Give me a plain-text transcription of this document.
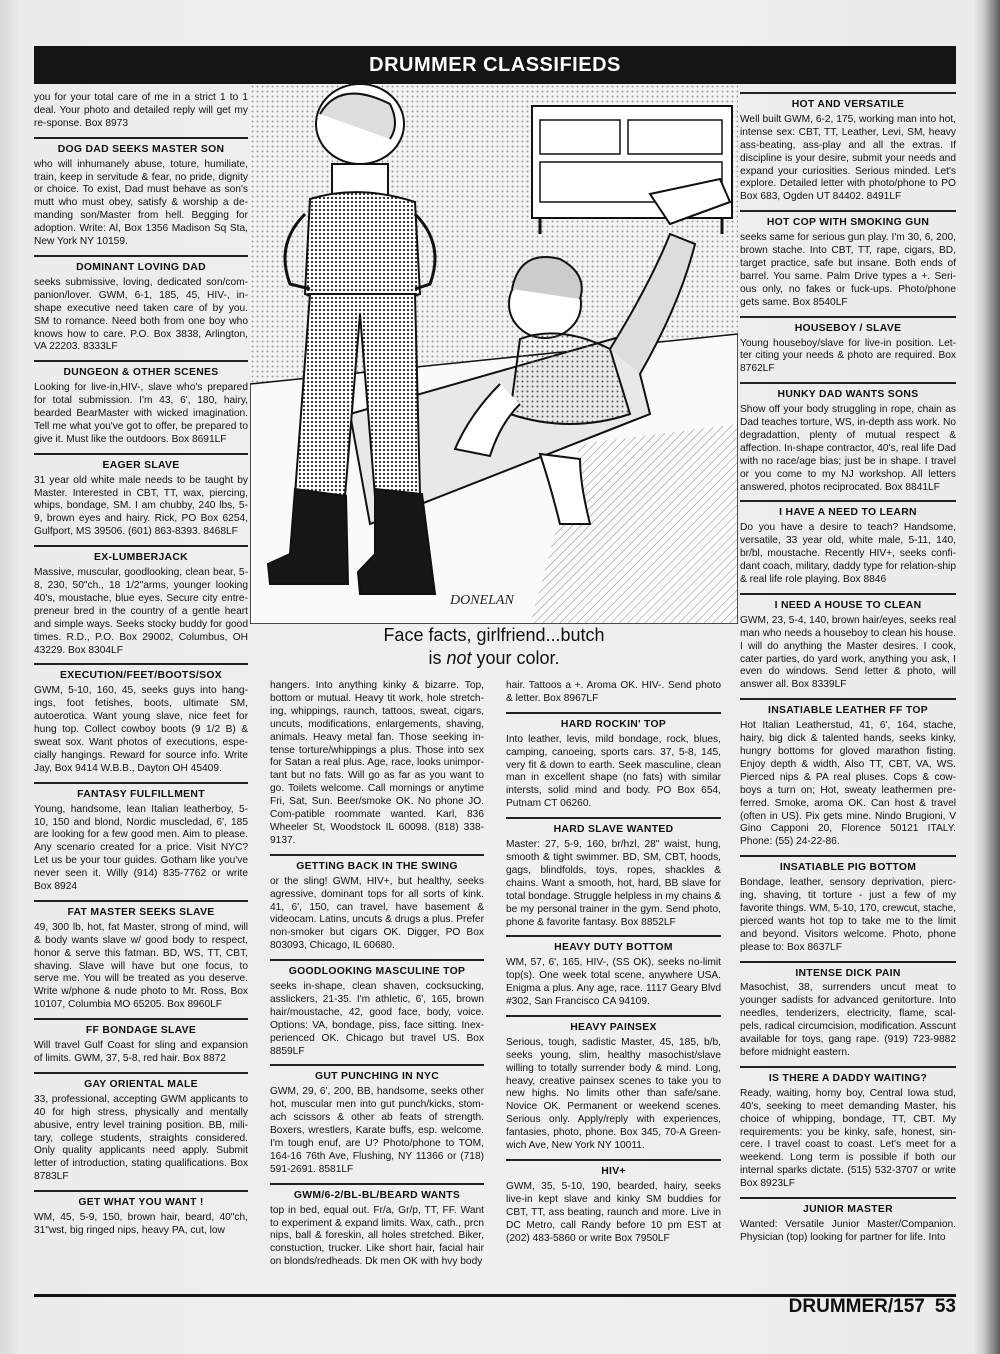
DRUMMER CLASSIFIEDS

you for your total care of me in a strict 1 to 1 deal. Your photo and detailed reply will get my re-sponse. Box 8973

DOG DAD SEEKS MASTER SON

who will inhumanely abuse, toture, humiliate, train, keep in servitude & fear, no pride, dignity or choice. To exist, Dad must behave as son's mutt who must obey, satisfy & worship a de-manding son/Master from hell. Begging for adoption. Write: Al, Box 1356 Madison Sq Sta, New York NY 10159.

DOMINANT LOVING DAD

seeks submissive, loving, dedicated son/com-panion/lover. GWM, 6-1, 185, 45, HIV-, in-shape executive need taken care of by you. SM to romance. Need both from one boy who knows how to care. P.O. Box 3838, Arlington, VA 22203. 8333LF

DUNGEON & OTHER SCENES

Looking for live-in,HIV-, slave who's prepared for total submission. I'm 43, 6', 180, hairy, bearded BearMaster with wicked imagination. Tell me what you've got to offer, be prepared to give it. Must like the outdoors. Box 8691LF

EAGER SLAVE

31 year old white male needs to be taught by Master. Interested in CBT, TT, wax, piercing, whips, bondage, SM. I am chubby, 240 lbs, 5-9, brown eyes and hairy. Rick, PO Box 6254, Gulfport, MS 39506. (601) 863-8393. 8468LF

EX-LUMBERJACK

Massive, muscular, goodlooking, clean bear, 5-8, 230, 50"ch., 18 1/2"arms, younger looking 40's, moustache, blue eyes. Secure city entre-preneur bred in the country of a gentle heart and simple ways. Seeks stocky buddy for good times. R.D., P.O. Box 29002, Columbus, OH 43229. Box 8304LF

EXECUTION/FEET/BOOTS/SOX

GWM, 5-10, 160, 45, seeks guys into hang-ings, foot fetishes, boots, ultimate SM, autoerotica. Want young slave, nice feet for hung top. Collect cowboy boots (9 1/2 B) & sweat sox. Want photos of executions, espe-cially hangings. Reward for source info. Write Jay, Box 9414 W.B.B., Dayton OH 45409.

FANTASY FULFILLMENT

Young, handsome, lean Italian leatherboy, 5-10, 150 and blond, Nordic muscledad, 6', 185 are looking for a few good men. Aim to please. Any scenario created for a price. Visit NYC? Let us be your tour guides. Gotham like you've never seen it. Willy (914) 835-7762 or write Box 8924

FAT MASTER SEEKS SLAVE

49, 300 lb, hot, fat Master, strong of mind, will & body wants slave w/ good body to respect, honor & serve this fatman. BD, WS, TT, CBT, shaving. Slave will have but one focus, to serve me. You will be treated as you deserve. Write w/phone & nude photo to Mr. Ross, Box 10107, Columbia MO 65205. Box 8960LF

FF BONDAGE SLAVE

Will travel Gulf Coast for sling and expansion of limits. GWM, 37, 5-8, red hair. Box 8872

GAY ORIENTAL MALE

33, professional, accepting GWM applicants to 40 for high stress, physically and mentally abusive, entry level training position. BB, mili-tary, college students, straights considered. Only quality applicants need apply. Submit letter of introduction, stating qualifications. Box 8783LF

GET WHAT YOU WANT !

WM, 45, 5-9, 150, brown hair, beard, 40"ch, 31"wst, big ringed nips, heavy PA, cut, low

HOT AND VERSATILE

Well built GWM, 6-2, 175, working man into hot, intense sex: CBT, TT, Leather, Levi, SM, heavy ass-beating, ass-play and all the extras. If discipline is your desire, submit your needs and expand your curiosities. Serious minded. Let's explore. Detailed letter with photo/phone to PO Box 683, Ogden UT 84402. 8491LF

HOT COP WITH SMOKING GUN

seeks same for serious gun play. I'm 30, 6, 200, brown stache. Into CBT, TT, rape, cigars, BD, target practice, safe but insane. Both ends of barrel. You same. Palm Drive types a +. Seri-ous only, no fakes or fuck-ups. Photo/phone gets same. Box 8540LF

HOUSEBOY / SLAVE

Young houseboy/slave for live-in position. Let-ter citing your needs & photo are required. Box 8762LF

HUNKY DAD WANTS SONS

Show off your body struggling in rope, chain as Dad teaches torture, WS, in-depth ass work. No degradattion, plenty of mutual respect & affection. In-shape contractor, 40's, real life Dad with no race/age bias; just be in shape. I travel or you come to my NJ workshop. All letters answered, photos reciprocated. Box 8841LF

I HAVE A NEED TO LEARN

Do you have a desire to teach? Handsome, versatile, 33 year old, white male, 5-11, 140, br/bl, moustache. Recently HIV+, seeks confi-dant coach, military, daddy type for relation-ship & real life role playing. Box 8846

I NEED A HOUSE TO CLEAN

GWM, 23, 5-4, 140, brown hair/eyes, seeks real man who needs a houseboy to clean his house. I will do anything the Master desires. I cook, cater parties, do yard work, anything you ask, I even do windows. Send letter & photo, will answer all. Box 8339LF

INSATIABLE LEATHER FF TOP

Hot Italian Leatherstud, 41, 6', 164, stache, hairy, big dick & talented hands, seeks kinky, hungry bottoms for gloved marathon fisting. Enjoy depth & width, Also TT, CBT, VA, WS. Pierced nips & PA real pluses. Cops & cow-boys a turn on; Hot, sweaty leathermen pre-ferred. Smoke, aroma OK. Can host & travel (often in US). Pix gets mine. Nindo Brugioni, V Gino Capponi 20, Florence 50121 ITALY. Phone: (55) 24-22-86.

INSATIABLE PIG BOTTOM

Bondage, leather, sensory deprivation, pierc-ing, shaving, tit torture - just a few of my favorite things. WM, 5-10, 170, crewcut, stache, pierced wants hot top to take me to the limit and beyond. Visitors welcome. Photo, phone please to: Box 8637LF

INTENSE DICK PAIN

Masochist, 38, surrenders uncut meat to younger sadists for advanced genitorture. Into needles, tenderizers, electricity, flame, scal-pels, radical circumcision, modification. Asscunt available for toys, gang rape. (919) 723-9882 before midnight eastern.

IS THERE A DADDY WAITING?

Ready, waiting, horny boy, Central Iowa stud, 40's, seeking to meet demanding Master, his choice of whipping, bondage, TT, CBT. My requirements: you be kinky, safe, honest, sin-cere. I travel coast to coast. Let's meet for a weekend. Long term is possible if both our internal sparks dictate. (515) 532-3707 or write Box 8923LF

JUNIOR MASTER

Wanted: Versatile Junior Master/Companion. Physician (top) looking for partner for life. Into

hangers. Into anything kinky & bizarre. Top, bottom or mutual. Heavy tit work, hole stretch-ing, whippings, raunch, tattoos, sweat, cigars, uncuts, modifications, enlargements, shaving, animals. Heavy metal fan. Those seeking in-tense torture/whippings a plus. Those into sex for Satan a real plus. Age, race, looks unimpor-tant but no fats. Will go as far as you want to go. Toilets welcome. Call mornings or anytime Fri, Sat, Sun. Beer/smoke OK. No phone JO. Com-patible roommate wanted. Karl, 836 Wheeler St, Woodstock IL 60098. (818) 338-9137.

GETTING BACK IN THE SWING

or the sling! GWM, HIV+, but healthy, seeks agressive, dominant tops for all sorts of kink. 41, 6', 150, can travel, have basement & videocam. Latins, uncuts & drugs a plus. Prefer non-smoker but cigars OK. Digger, PO Box 803093, Chicago, IL 60680.

GOODLOOKING MASCULINE TOP

seeks in-shape, clean shaven, cocksucking, asslickers, 21-35. I'm athletic, 6', 165, brown hair/moustache, 42, good face, body, voice. Options: VA, bondage, piss, face sitting. Inex-perienced OK. Chicago but travel US. Box 8859LF

GUT PUNCHING IN NYC

GWM, 29, 6', 200, BB, handsome, seeks other hot, muscular men into gut punch/kicks, stom-ach scissors & other ab feats of strength. Boxers, wrestlers, Karate buffs, esp. welcome. I'm tough enuf, are U? Photo/phone to TOM, 164-16 76th Ave, Flushing, NY 11366 or (718) 591-2691. 8581LF

GWM/6-2/BL-BL/BEARD WANTS

top in bed, equal out. Fr/a, Gr/p, TT, FF. Want to experiment & expand limits. Wax, cath., prcn nips, ball & foreskin, all holes stretched. Biker, constuction, trucker. Like short hair, facial hair on blonds/redheads. Dk men OK with hvy body

hair. Tattoos a +. Aroma OK. HIV-. Send photo & letter. Box 8967LF

HARD ROCKIN' TOP

Into leather, levis, mild bondage, rock, blues, camping, canoeing, sports cars. 37, 5-8, 145, very fit & down to earth. Seek masculine, clean man in excellent shape (no fats) with similar intersts, solid mind and body. PO Box 654, Putnam CT 06260.

HARD SLAVE WANTED

Master: 27, 5-9, 160, br/hzl, 28" waist, hung, smooth & tight swimmer. BD, SM, CBT, hoods, gags, blindfolds, toys, ropes, shackles & chains. Want a smooth, hot, hard, BB slave for total bondage. Struggle helpless in my chains & be my personal trainer in the gym. Send photo, phone & favorite fantasy. Box 8852LF

HEAVY DUTY BOTTOM

WM, 57, 6', 165, HIV-, (SS OK), seeks no-limit top(s). One week total scene, anywhere USA. Enigma a plus. Any age, race. 1117 Geary Blvd #302, San Francisco CA 94109.

HEAVY PAINSEX

Serious, tough, sadistic Master, 45, 185, b/b, seeks young, slim, healthy masochist/slave willing to totally surrender body & mind. Long, heavy, creative painsex scenes to take you to new highs. No limits other than safe/sane. Novice OK. Permanent or weekend scenes. Serious only. Apply/reply with experiences, fantasies, photo, phone. Box 345, 70-A Green-wich Ave, New York NY 10011.

HIV+

GWM, 35, 5-10, 190, bearded, hairy, seeks live-in kept slave and kinky SM buddies for CBT, TT, ass beating, raunch and more. Live in DC Metro, call Randy before 10 pm EST at (202) 483-5860 or write Box 7950LF

DONELAN
Face facts, girlfriend...butch
is not your color.
DRUMMER/157 53
